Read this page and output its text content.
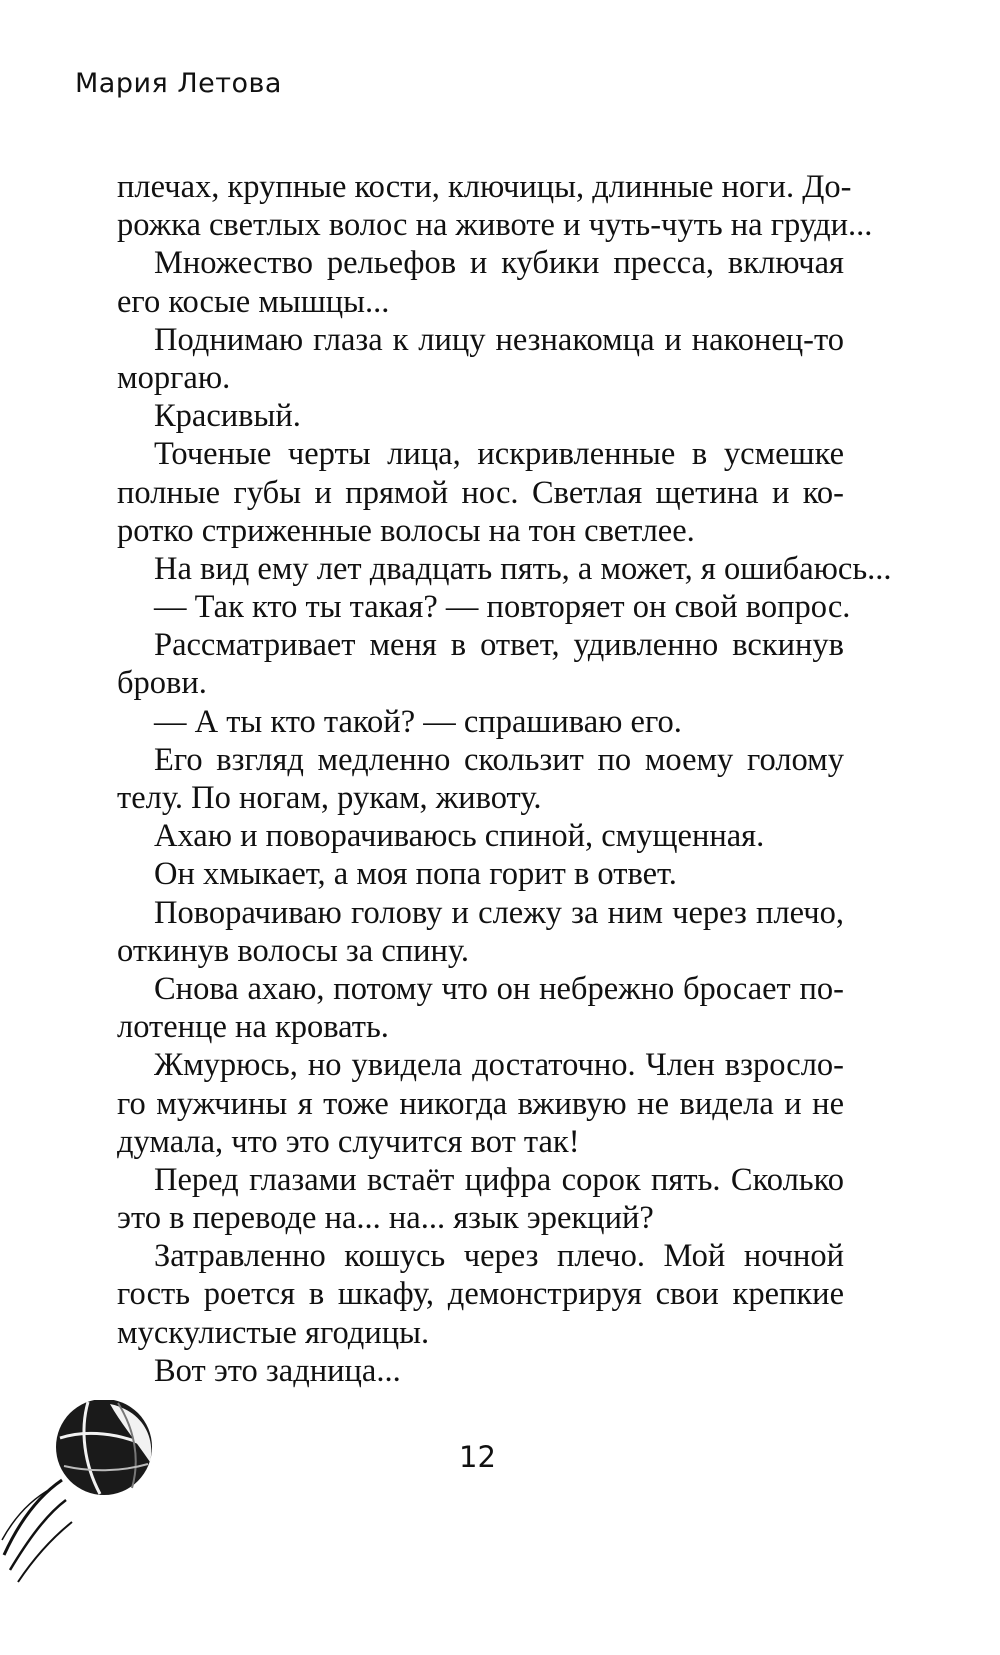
Мария Летова
плечах, крупные кости, ключицы, длинные ноги. До-
рожка светлых волос на животе и чуть-чуть на груди...
Множество рельефов и кубики пресса, включая
его косые мышцы...
Поднимаю глаза к лицу незнакомца и наконец-то
моргаю.
Красивый.
Точеные черты лица, искривленные в усмешке
полные губы и прямой нос. Светлая щетина и ко-
ротко стриженные волосы на тон светлее.
На вид ему лет двадцать пять, а может, я ошибаюсь...
— Так кто ты такая? — повторяет он свой вопрос.
Рассматривает меня в ответ, удивленно вскинув
брови.
— А ты кто такой? — спрашиваю его.
Его взгляд медленно скользит по моему голому
телу. По ногам, рукам, животу.
Ахаю и поворачиваюсь спиной, смущенная.
Он хмыкает, а моя попа горит в ответ.
Поворачиваю голову и слежу за ним через плечо,
откинув волосы за спину.
Снова ахаю, потому что он небрежно бросает по-
лотенце на кровать.
Жмурюсь, но увидела достаточно. Член взросло-
го мужчины я тоже никогда вживую не видела и не
думала, что это случится вот так!
Перед глазами встаёт цифра сорок пять. Сколько
это в переводе на... на... язык эрекций?
Затравленно кошусь через плечо. Мой ночной
гость роется в шкафу, демонстрируя свои крепкие
мускулистые ягодицы.
Вот это задница...
12
